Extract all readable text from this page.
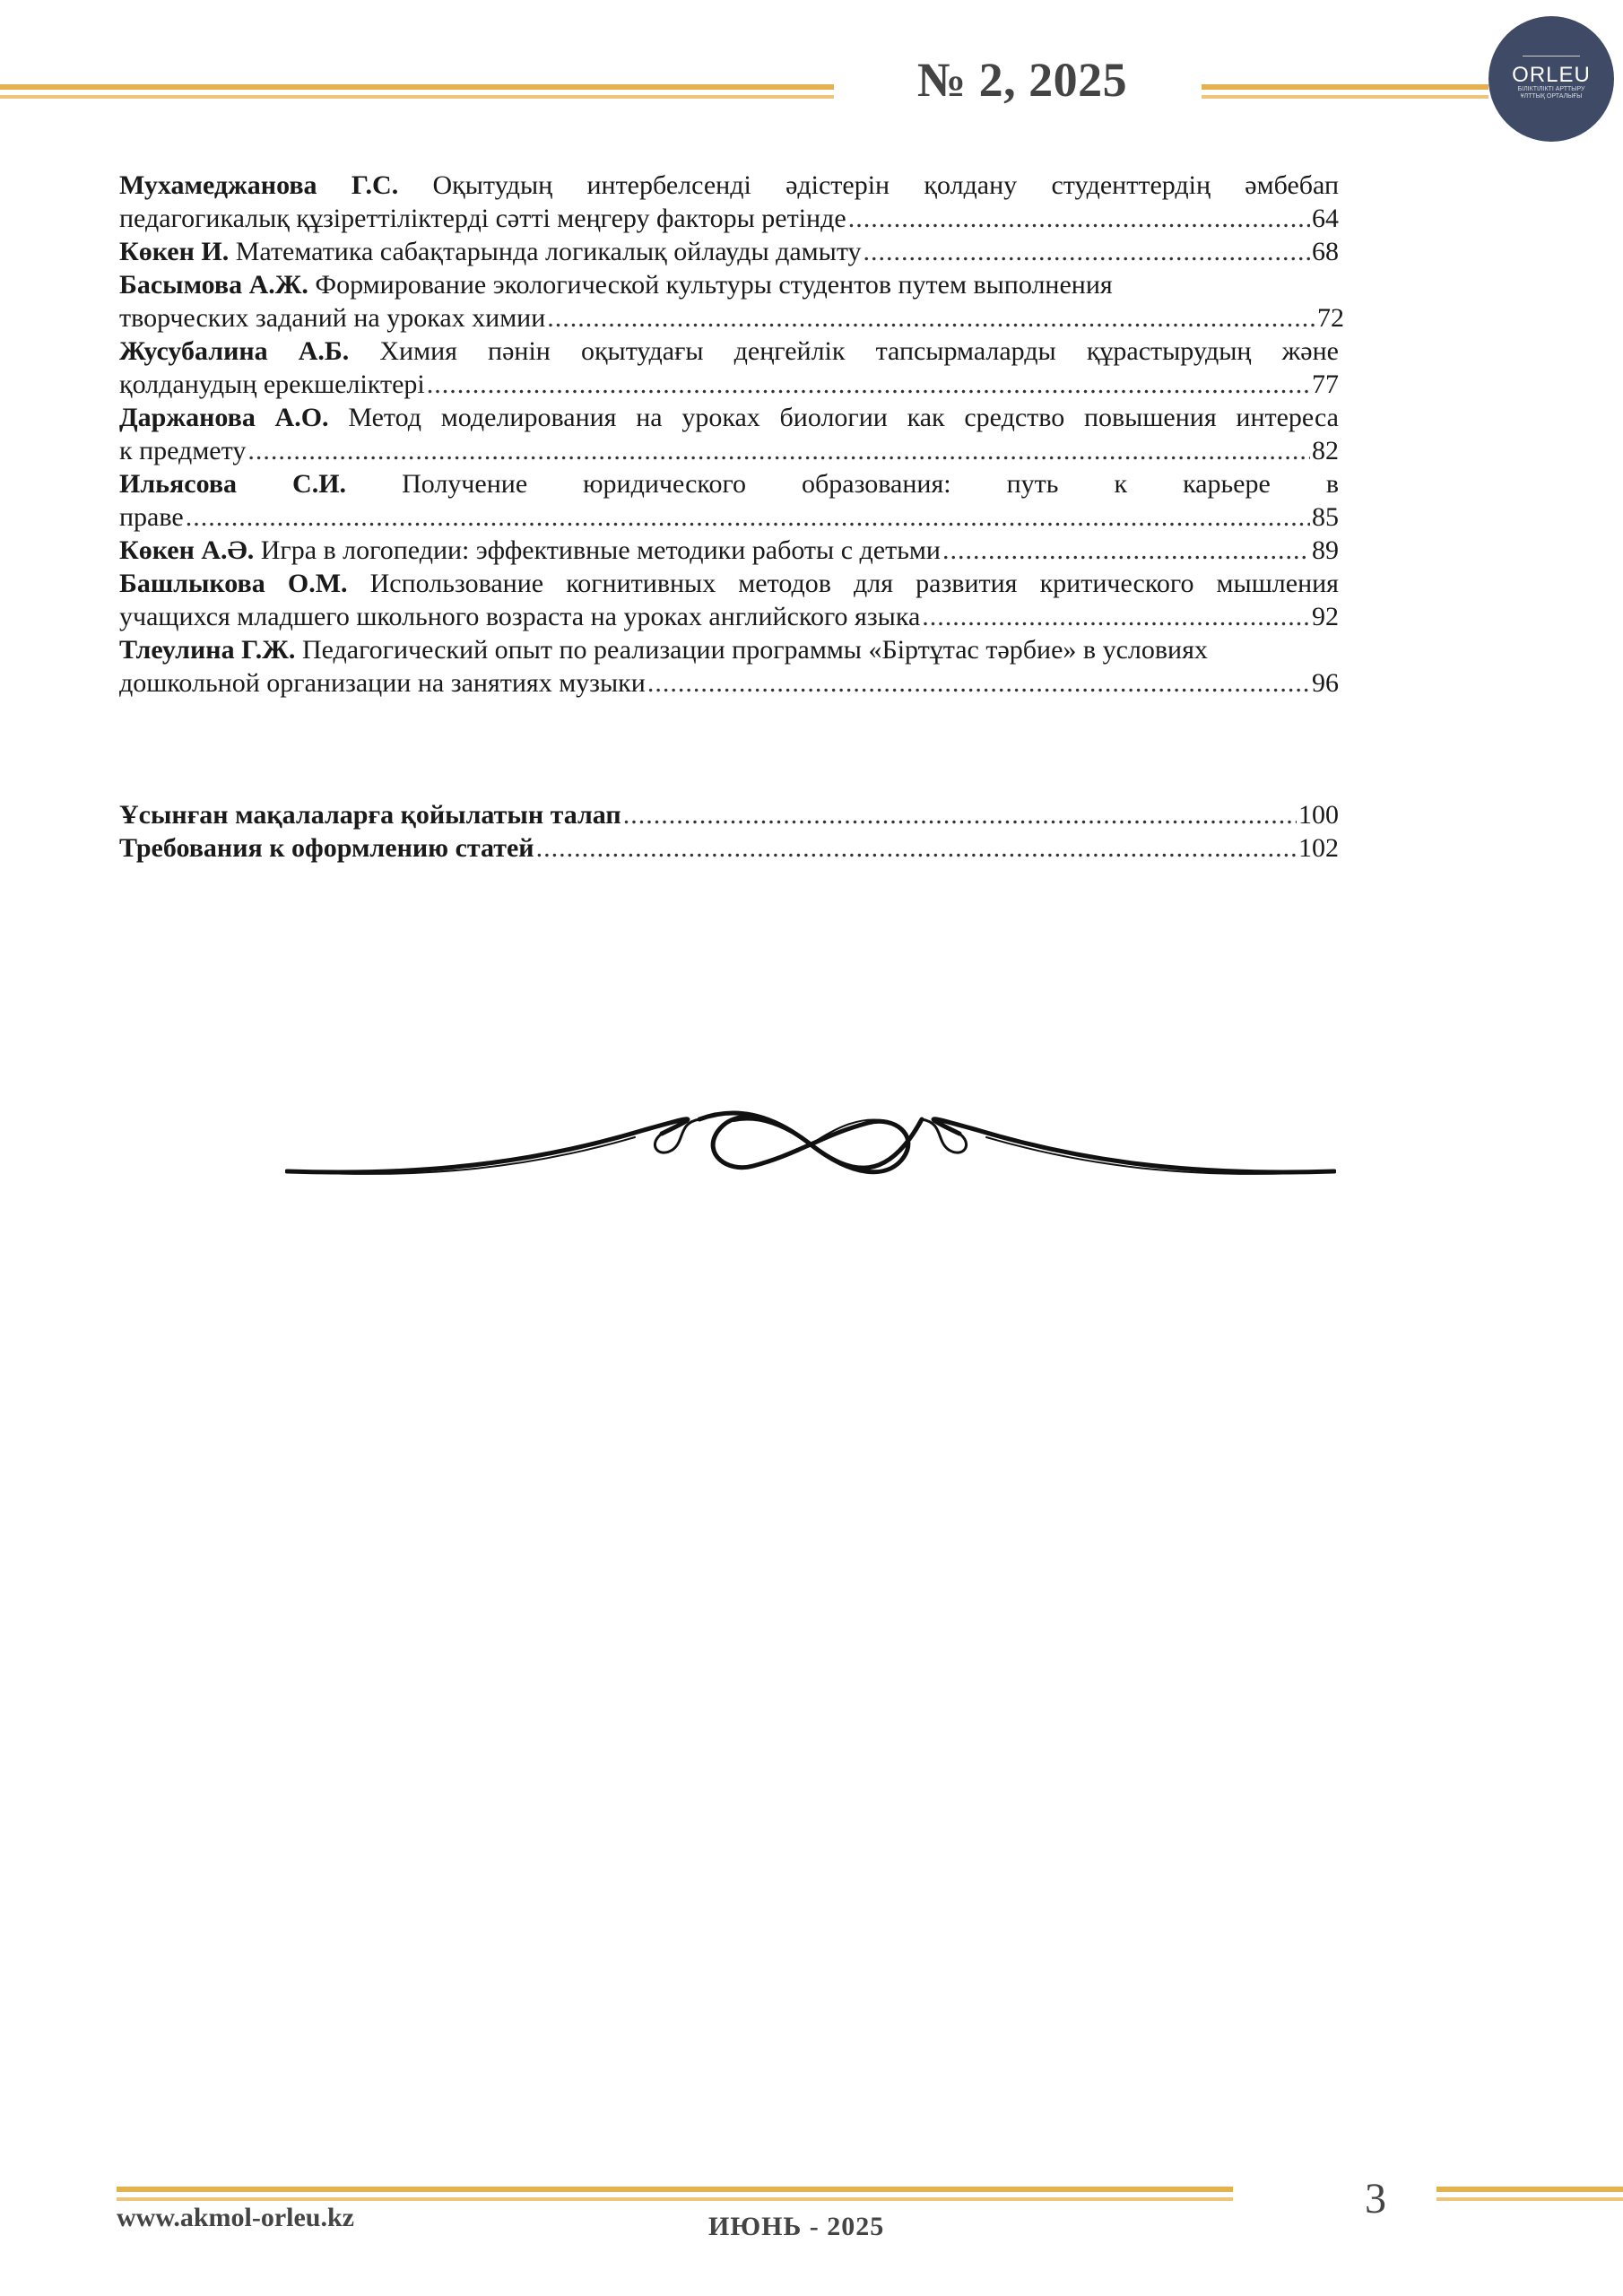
№ 2, 2025	ORLEU
БІЛІКТІЛІКТІ АРТТЫРУ ҰЛТТЫҚ ОРТАЛЫҒЫ
Мухамеджанова Г.С. Оқытудың интербелсенді әдістерін қолдану студенттердің әмбебап
педагогикалық құзіреттіліктерді сәтті меңгеру факторы ретінде .....	64
Көкен И. Математика сабақтарында логикалық ойлауды дамыту .....	68
Басымова А.Ж. Формирование экологической культуры студентов путем выполнения
творческих заданий на уроках химии .....	72
Жусубалина А.Б. Химия пәнін оқытудағы деңгейлік тапсырмаларды құрастырудың және
қолданудың ерекшеліктері .....	77
Даржанова А.О. Метод моделирования на уроках биологии как средство повышения интереса
к предмету .....	82
Ильясова С.И. Получение юридического образования: путь к карьере в
праве .....	85
Көкен А.Ә. Игра в логопедии: эффективные методики работы с детьми .....	89
Башлыкова О.М. Использование когнитивных методов для развития критического мышления
учащихся младшего школьного возраста на уроках английского языка .....	92
Тлеулина Г.Ж. Педагогический опыт по реализации программы «Біртұтас тәрбие» в условиях
дошкольной организации на занятиях музыки .....	96
Ұсынған мақалаларға қойылатын талап .....	100
Требования к оформлению статей .....	102
3
www.akmol-orleu.kz	ИЮНЬ - 2025
